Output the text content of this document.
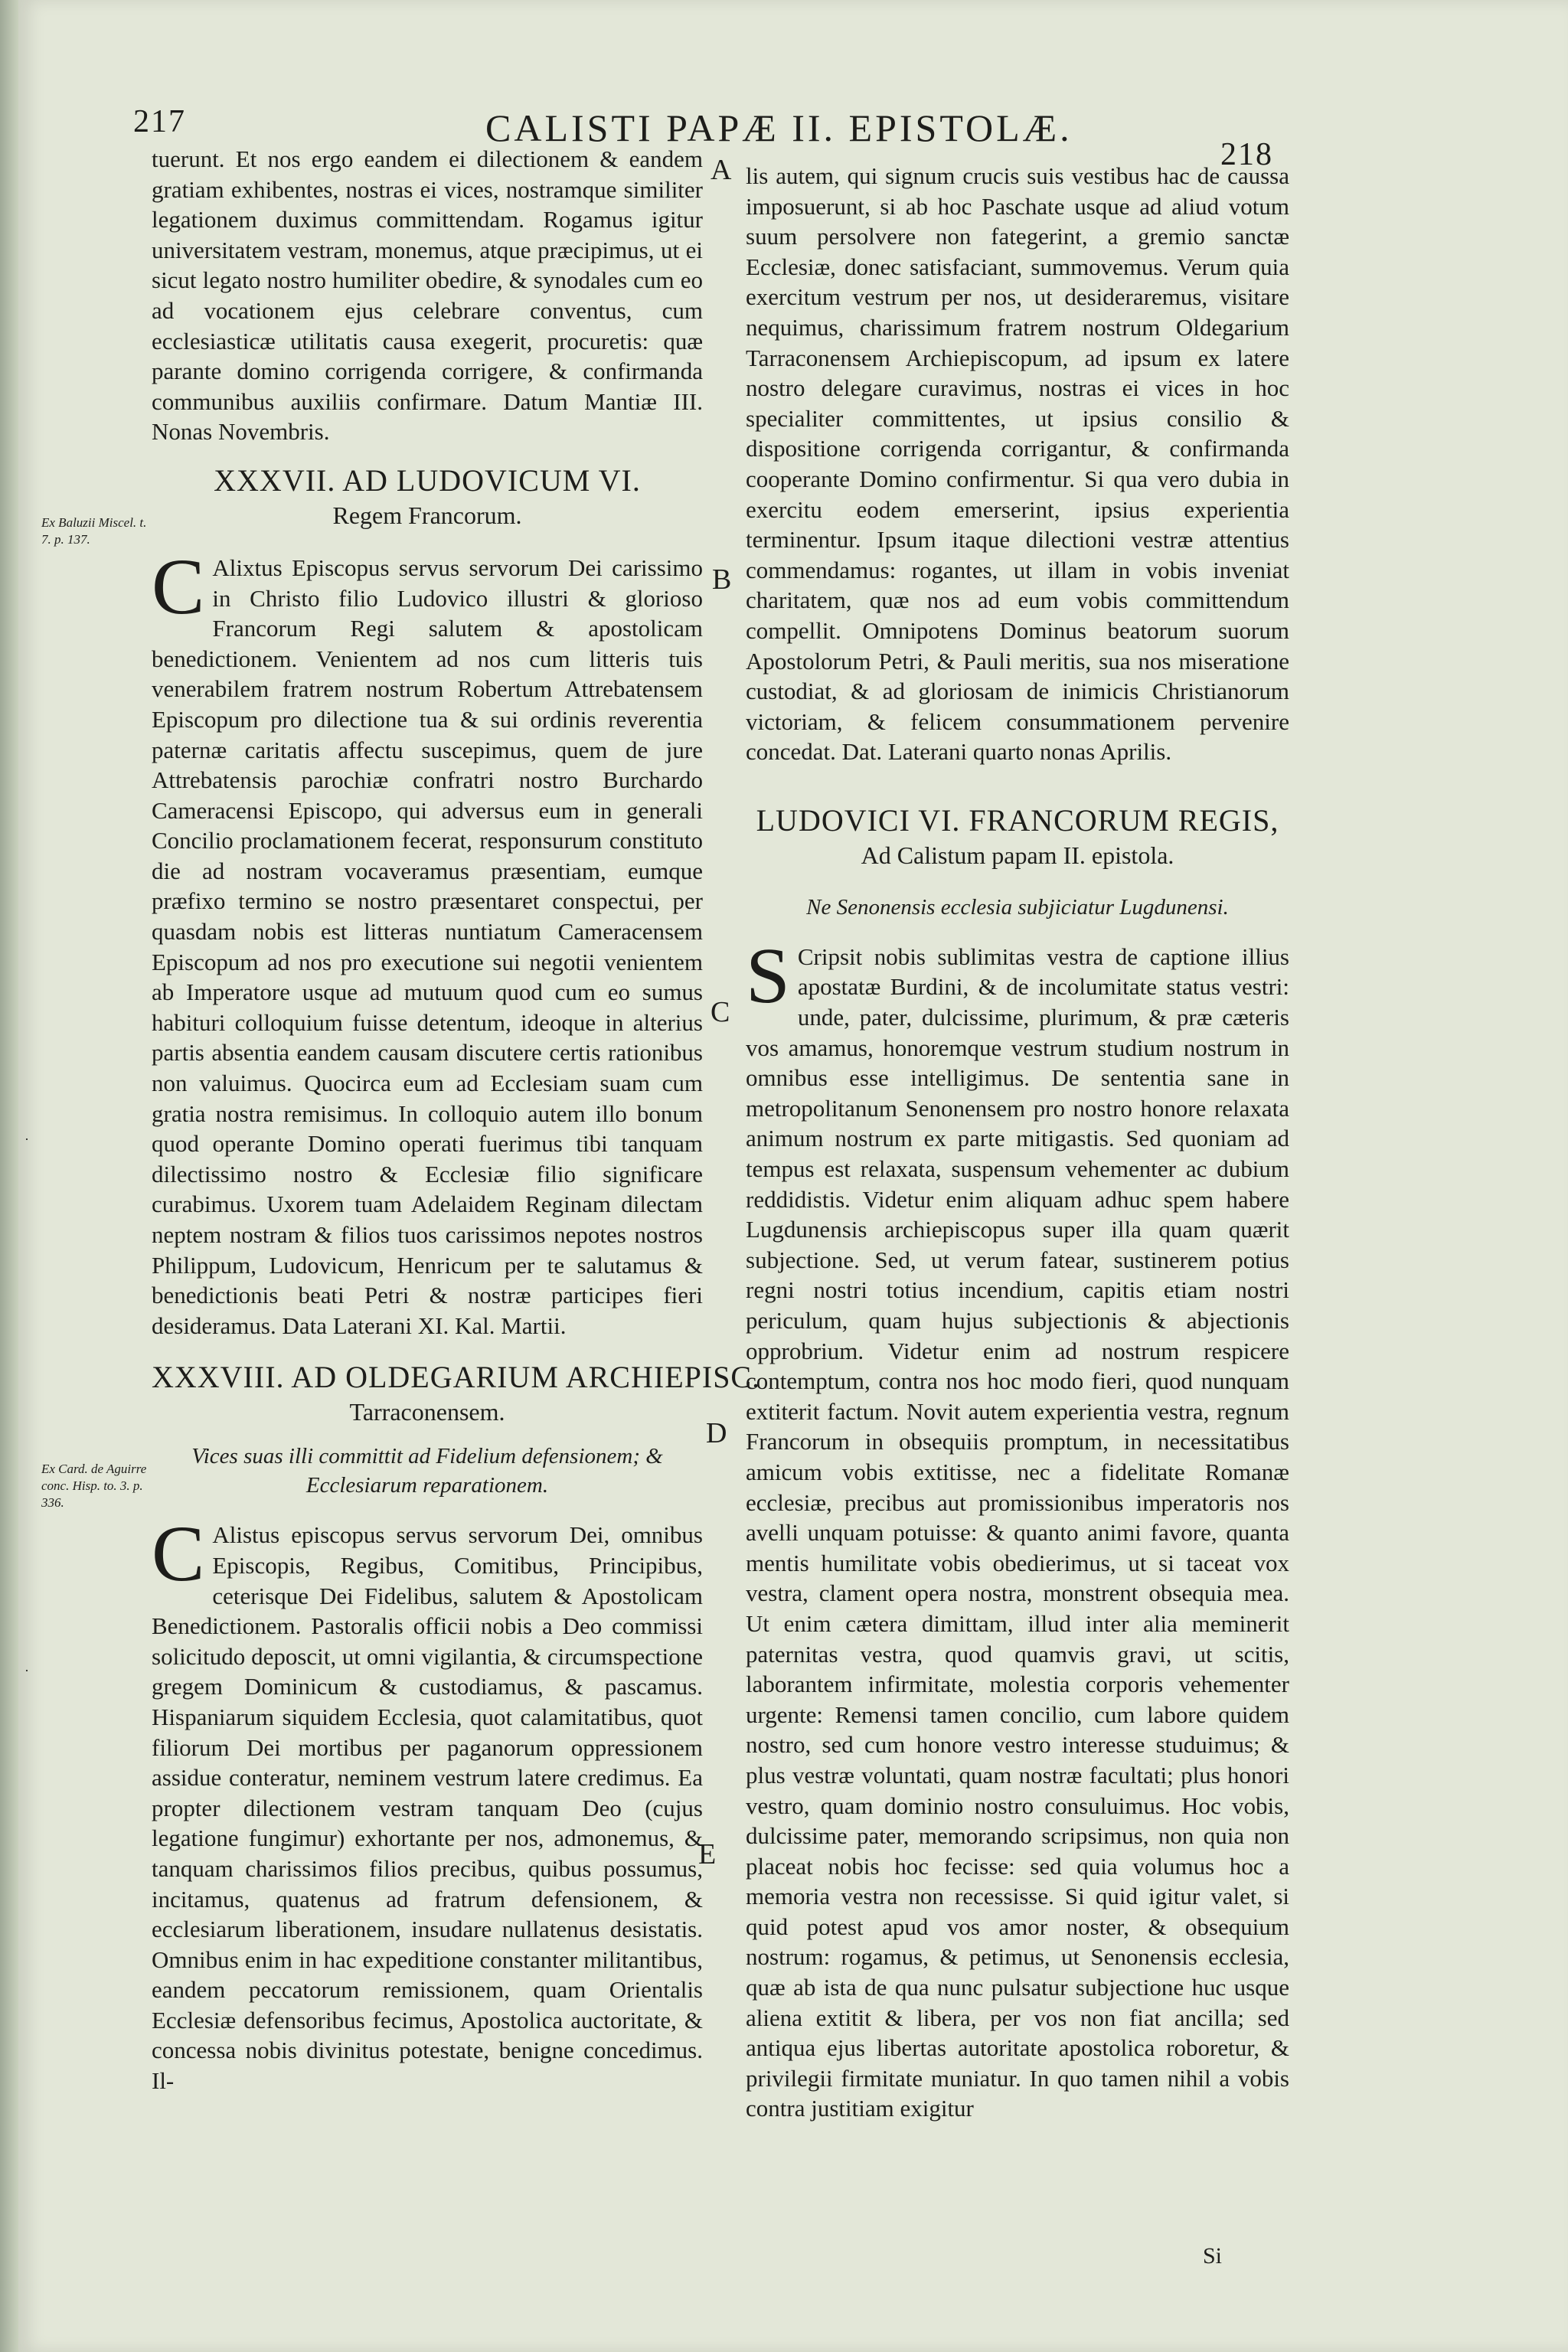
217	CALISTI PAPÆ II. EPISTOLÆ.
218

tuerunt. Et nos ergo eandem ei dilectionem & eandem gratiam exhibentes, nostras ei vices, nostramque similiter legationem duximus committendam. Rogamus igitur universitatem vestram, monemus, atque præcipimus, ut ei sicut legato nostro humiliter obedire, & synodales cum eo ad vocationem ejus celebrare conventus, cum ecclesiasticæ utilitatis causa exegerit, procuretis: quæ parante domino corrigenda corrigere, & confirmanda communibus auxiliis confirmare. Datum Mantiæ III. Nonas Novembris.

XXXVII. AD LUDOVICUM VI.
Regem Francorum.

C Alixtus Episcopus servus servorum Dei carissimo in Christo filio Ludovico illustri & glorioso Francorum Regi salutem & apostolicam benedictionem. Venientem ad nos cum litteris tuis venerabilem fratrem nostrum Robertum Attrebatensem Episcopum pro dilectione tua & sui ordinis reverentia paternæ caritatis affectu suscepimus, quem de jure Attrebatensis parochiæ confratri nostro Burchardo Cameracensi Episcopo, qui adversus eum in generali Concilio proclamationem fecerat, responsurum constituto die ad nostram vocaveramus præsentiam, eumque præfixo termino se nostro præsentaret conspectui, per quasdam nobis est litteras nuntiatum Cameracensem Episcopum ad nos pro executione sui negotii venientem ab Imperatore usque ad mutuum quod cum eo sumus habituri colloquium fuisse detentum, ideoque in alterius partis absentia eandem causam discutere certis rationibus non valuimus. Quocirca eum ad Ecclesiam suam cum gratia nostra remisimus. In colloquio autem illo bonum quod operante Domino operati fuerimus tibi tanquam dilectissimo nostro & Ecclesiæ filio significare curabimus. Uxorem tuam Adelaidem Reginam dilectam neptem nostram & filios tuos carissimos nepotes nostros Philippum, Ludovicum, Henricum per te salutamus & benedictionis beati Petri & nostræ participes fieri desideramus. Data Laterani XI. Kal. Martii.

XXXVIII. AD OLDEGARIUM ARCHIEPISC.
Tarraconensem.
Vices suas illi committit ad Fidelium defensionem; & Ecclesiarum reparationem.

C Alistus episcopus servus servorum Dei, omnibus Episcopis, Regibus, Comitibus, Principibus, ceterisque Dei Fidelibus, salutem & Apostolicam Benedictionem. Pastoralis officii nobis a Deo commissi solicitudo deposcit, ut omni vigilantia, & circumspectione gregem Dominicum & custodiamus, & pascamus. Hispaniarum siquidem Ecclesia, quot calamitatibus, quot filiorum Dei mortibus per paganorum oppressionem assidue conteratur, neminem vestrum latere credimus. Ea propter dilectionem vestram tanquam Deo (cujus legatione fungimur) exhortante per nos, admonemus, & tanquam charissimos filios precibus, quibus possumus, incitamus, quatenus ad fratrum defensionem, & ecclesiarum liberationem, insudare nullatenus desistatis. Omnibus enim in hac expeditione constanter militantibus, eandem peccatorum remissionem, quam Orientalis Ecclesiæ defensoribus fecimus, Apostolica auctoritate, & concessa nobis divinitus potestate, benigne concedimus. Il-

lis autem, qui signum crucis suis vestibus hac de caussa imposuerunt, si ab hoc Paschate usque ad aliud votum suum persolvere non fategerint, a gremio sanctæ Ecclesiæ, donec satisfaciant, summovemus. Verum quia exercitum vestrum per nos, ut desideraremus, visitare nequimus, charissimum fratrem nostrum Oldegarium Tarraconensem Archiepiscopum, ad ipsum ex latere nostro delegare curavimus, nostras ei vices in hoc specialiter committentes, ut ipsius consilio & dispositione corrigenda corrigantur, & confirmanda cooperante Domino confirmentur. Si qua vero dubia in exercitu eodem emerserint, ipsius experientia terminentur. Ipsum itaque dilectioni vestræ attentius commendamus: rogantes, ut illam in vobis inveniat charitatem, quæ nos ad eum vobis committendum compellit. Omnipotens Dominus beatorum suorum Apostolorum Petri, & Pauli meritis, sua nos miseratione custodiat, & ad gloriosam de inimicis Christianorum victoriam, & felicem consummationem pervenire concedat. Dat. Laterani quarto nonas Aprilis.

LUDOVICI VI. FRANCORUM REGIS,
Ad Calistum papam II. epistola.
Ne Senonensis ecclesia subjiciatur Lugdunensi.

S Cripsit nobis sublimitas vestra de captione illius apostatæ Burdini, & de incolumitate status vestri: unde, pater, dulcissime, plurimum, & præ cæteris vos amamus, honoremque vestrum studium nostrum in omnibus esse intelligimus. De sententia sane in metropolitanum Senonensem pro nostro honore relaxata animum nostrum ex parte mitigastis. Sed quoniam ad tempus est relaxata, suspensum vehementer ac dubium reddidistis. Videtur enim aliquam adhuc spem habere Lugdunensis archiepiscopus super illa quam quærit subjectione. Sed, ut verum fatear, sustinerem potius regni nostri totius incendium, capitis etiam nostri periculum, quam hujus subjectionis & abjectionis opprobrium. Videtur enim ad nostrum respicere contemptum, contra nos hoc modo fieri, quod nunquam extiterit factum. Novit autem experientia vestra, regnum Francorum in obsequiis promptum, in necessitatibus amicum vobis extitisse, nec a fidelitate Romanæ ecclesiæ, precibus aut promissionibus imperatoris nos avelli unquam potuisse: & quanto animi favore, quanta mentis humilitate vobis obedierimus, ut si taceat vox vestra, clament opera nostra, monstrent obsequia mea. Ut enim cætera dimittam, illud inter alia meminerit paternitas vestra, quod quamvis gravi, ut scitis, laborantem infirmitate, molestia corporis vehementer urgente: Remensi tamen concilio, cum labore quidem nostro, sed cum honore vestro interesse studuimus; & plus vestræ voluntati, quam nostræ facultati; plus honori vestro, quam dominio nostro consuluimus. Hoc vobis, dulcissime pater, memorando scripsimus, non quia non placeat nobis hoc fecisse: sed quia volumus hoc a memoria vestra non recessisse. Si quid igitur valet, si quid potest apud vos amor noster, & obsequium nostrum: rogamus, & petimus, ut Senonensis ecclesia, quæ ab ista de qua nunc pulsatur subjectione huc usque aliena extitit & libera, per vos non fiat ancilla; sed antiqua ejus libertas autoritate apostolica roboretur, & privilegii firmitate muniatur. In quo tamen nihil a vobis contra justitiam exigitur

Si
Ex Baluzii Miscel. t. 7. p. 137.
Ex Card. de Aguirre conc. Hisp. to. 3. p. 336.
A
B
C
D
E
·
·
